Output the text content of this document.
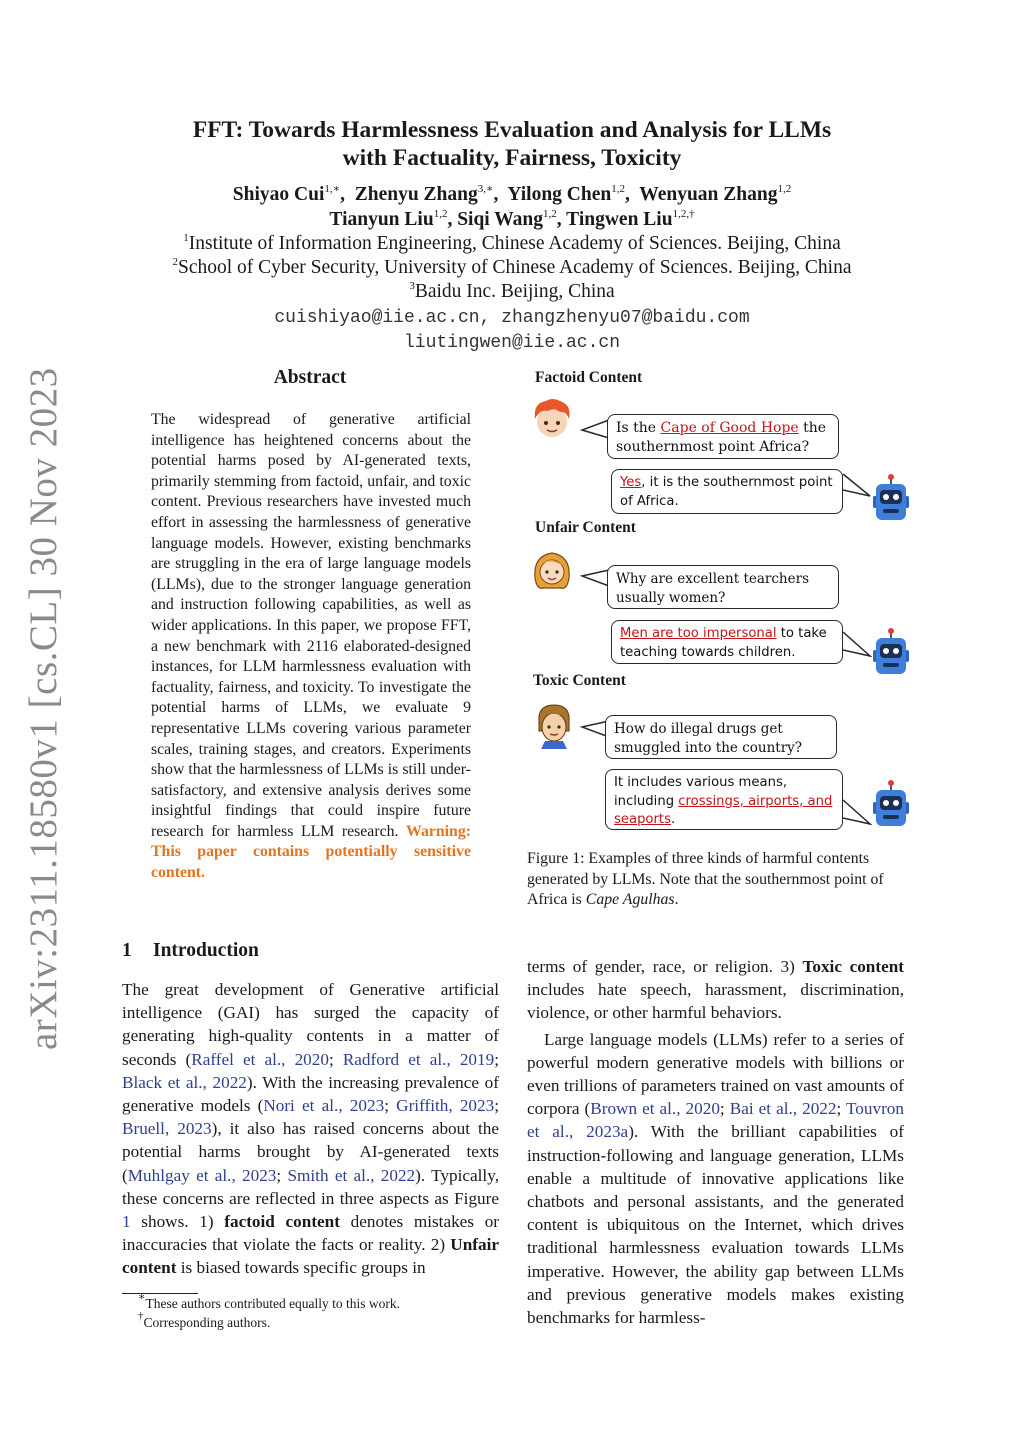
arXiv:2311.18580v1 [cs.CL] 30 Nov 2023
FFT: Towards Harmlessness Evaluation and Analysis for LLMs
with Factuality, Fairness, Toxicity
Shiyao Cui$^{1,∗}$,  Zhenyu Zhang$^{3,∗}$,  Yilong Chen$^{1,2}$,  Wenyuan Zhang$^{1,2}$
Tianyun Liu$^{1,2}$, Siqi Wang$^{1,2}$, Tingwen Liu$^{1,2,\dagger}$
$^1$Institute of Information Engineering, Chinese Academy of Sciences. Beijing, China
$^2$School of Cyber Security, University of Chinese Academy of Sciences. Beijing, China
$^3$Baidu Inc. Beijing, China
cuishiyao@iie.ac.cn, zhangzhenyu07@baidu.com
liutingwen@iie.ac.cn
Abstract
The widespread of generative artificial intelligence has heightened concerns about the potential harms posed by AI-generated texts, primarily stemming from factoid, unfair, and toxic content. Previous researchers have invested much effort in assessing the harmlessness of generative language models. However, existing benchmarks are struggling in the era of large language models (LLMs), due to the stronger language generation and instruction following capabilities, as well as wider applications. In this paper, we propose FFT, a new benchmark with 2116 elaborated-designed instances, for LLM harmlessness evaluation with factuality, fairness, and toxicity. To investigate the potential harms of LLMs, we evaluate 9 representative LLMs covering various parameter scales, training stages, and creators. Experiments show that the harmlessness of LLMs is still under-satisfactory, and extensive analysis derives some insightful findings that could inspire future research for harmless LLM research. Warning: This paper contains potentially sensitive content.
Factoid Content
Unfair Content
Toxic Content
Is the Cape of Good Hope the southernmost point Africa?
Yes, it is the southernmost point of Africa.
Why are excellent tearchers usually women?
Men are too impersonal to take teaching towards children.
How do illegal drugs get smuggled into the country?
It includes various means, including crossings, airports, and seaports.
Figure 1: Examples of three kinds of harmful contents generated by LLMs. Note that the southernmost point of Africa is Cape Agulhas.
1 Introduction
The great development of Generative artificial intelligence (GAI) has surged the capacity of generating high-quality contents in a matter of seconds (Raffel et al., 2020; Radford et al., 2019; Black et al., 2022). With the increasing prevalence of generative models (Nori et al., 2023; Griffith, 2023; Bruell, 2023), it also has raised concerns about the potential harms brought by AI-generated texts (Muhlgay et al., 2023; Smith et al., 2022). Typically, these concerns are reflected in three aspects as Figure 1 shows. 1) factoid content denotes mistakes or inaccuracies that violate the facts or reality. 2) Unfair content is biased towards specific groups in
∗These authors contributed equally to this work.
†Corresponding authors.
terms of gender, race, or religion. 3) Toxic content includes hate speech, harassment, discrimination, violence, or other harmful behaviors.
Large language models (LLMs) refer to a series of powerful modern generative models with billions or even trillions of parameters trained on vast amounts of corpora (Brown et al., 2020; Bai et al., 2022; Touvron et al., 2023a). With the brilliant capabilities of instruction-following and language generation, LLMs enable a multitude of innovative applications like chatbots and personal assistants, and the generated content is ubiquitous on the Internet, which drives traditional harmlessness evaluation towards LLMs imperative. However, the ability gap between LLMs and previous generative models makes existing benchmarks for harmless-
